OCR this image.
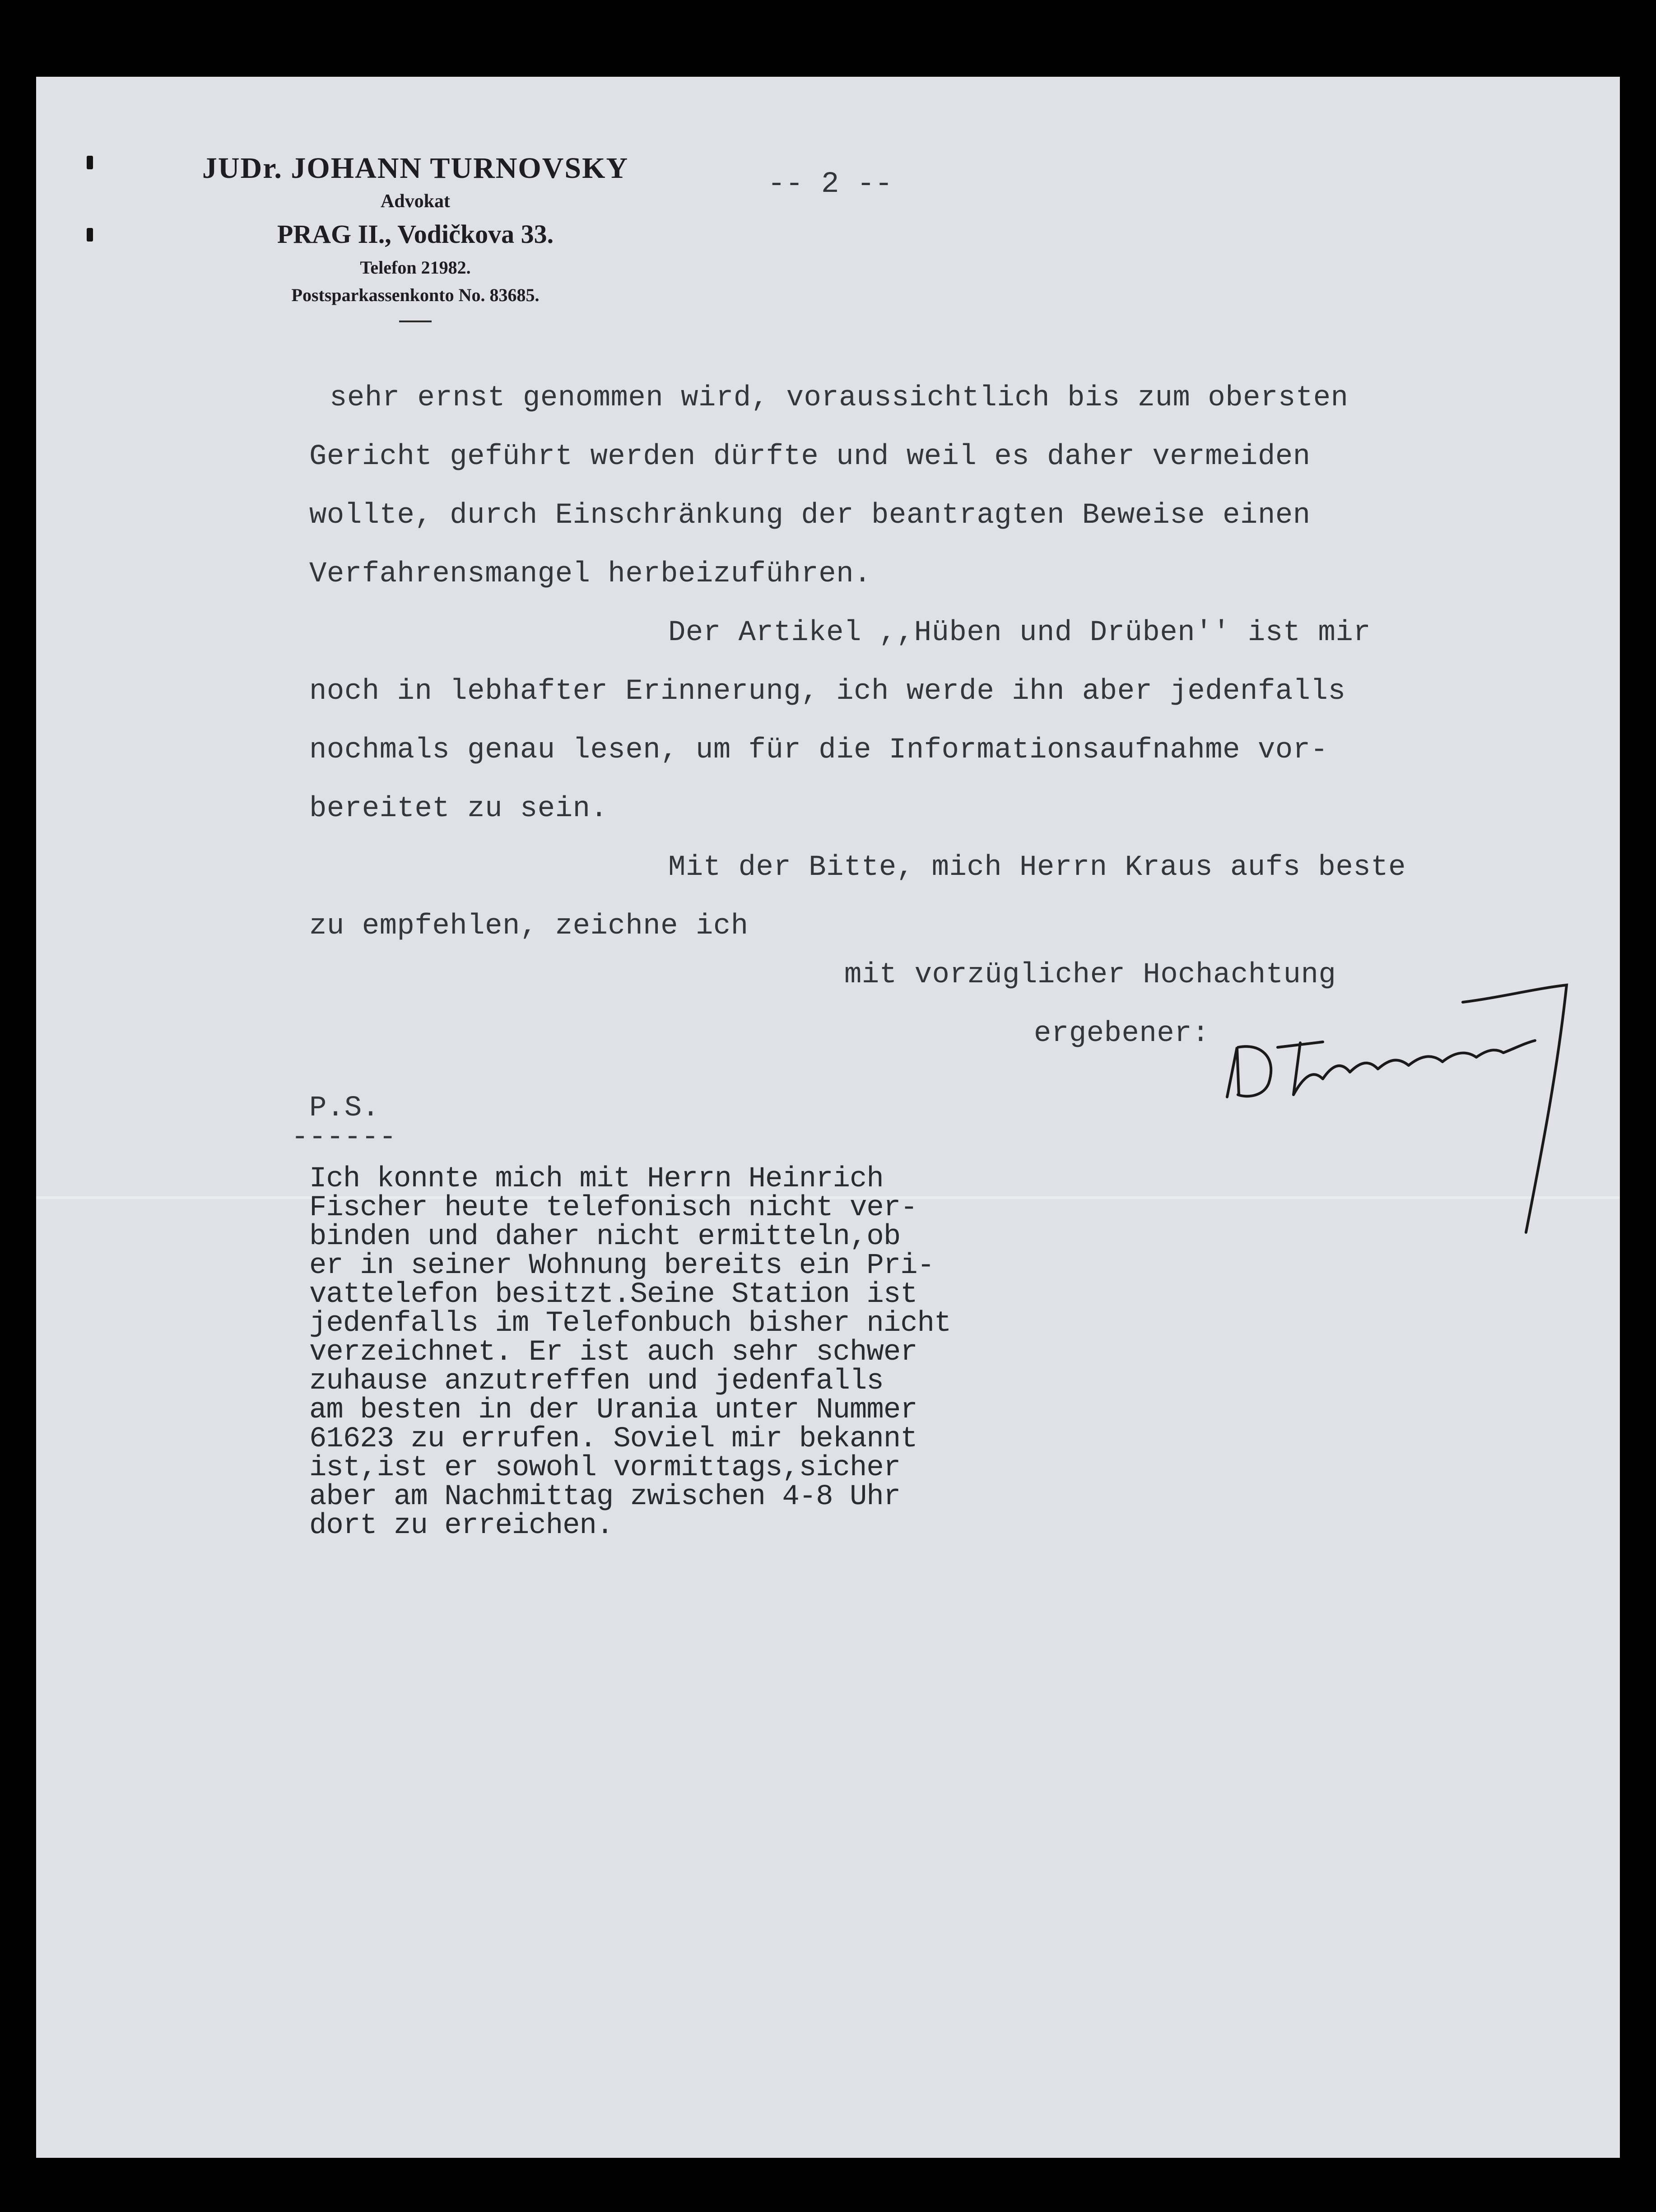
JUDr. JOHANN TURNOVSKY
Advokat
PRAG II., Vodičkova 33.
Telefon 21982.
Postsparkassenkonto No. 83685.
-- 2 --
sehr ernst genommen wird, voraussichtlich bis zum obersten
Gericht geführt werden dürfte und weil es daher vermeiden
wollte, durch Einschränkung der beantragten Beweise einen
Verfahrensmangel herbeizuführen.
Der Artikel ,,Hüben und Drüben'' ist mir
noch in lebhafter Erinnerung, ich werde ihn aber jedenfalls
nochmals genau lesen, um für die Informationsaufnahme vor-
bereitet zu sein.
Mit der Bitte, mich Herrn Kraus aufs beste
zu empfehlen, zeichne ich
mit vorzüglicher Hochachtung
ergebener:
P.S.
------
Ich konnte mich mit Herrn Heinrich
Fischer heute telefonisch nicht ver-
binden und daher nicht ermitteln,ob
er in seiner Wohnung bereits ein Pri-
vattelefon besitzt.Seine Station ist
jedenfalls im Telefonbuch bisher nicht
verzeichnet. Er ist auch sehr schwer
zuhause anzutreffen und jedenfalls
am besten in der Urania unter Nummer
61623 zu errufen. Soviel mir bekannt
ist,ist er sowohl vormittags,sicher
aber am Nachmittag zwischen 4-8 Uhr
dort zu erreichen.
